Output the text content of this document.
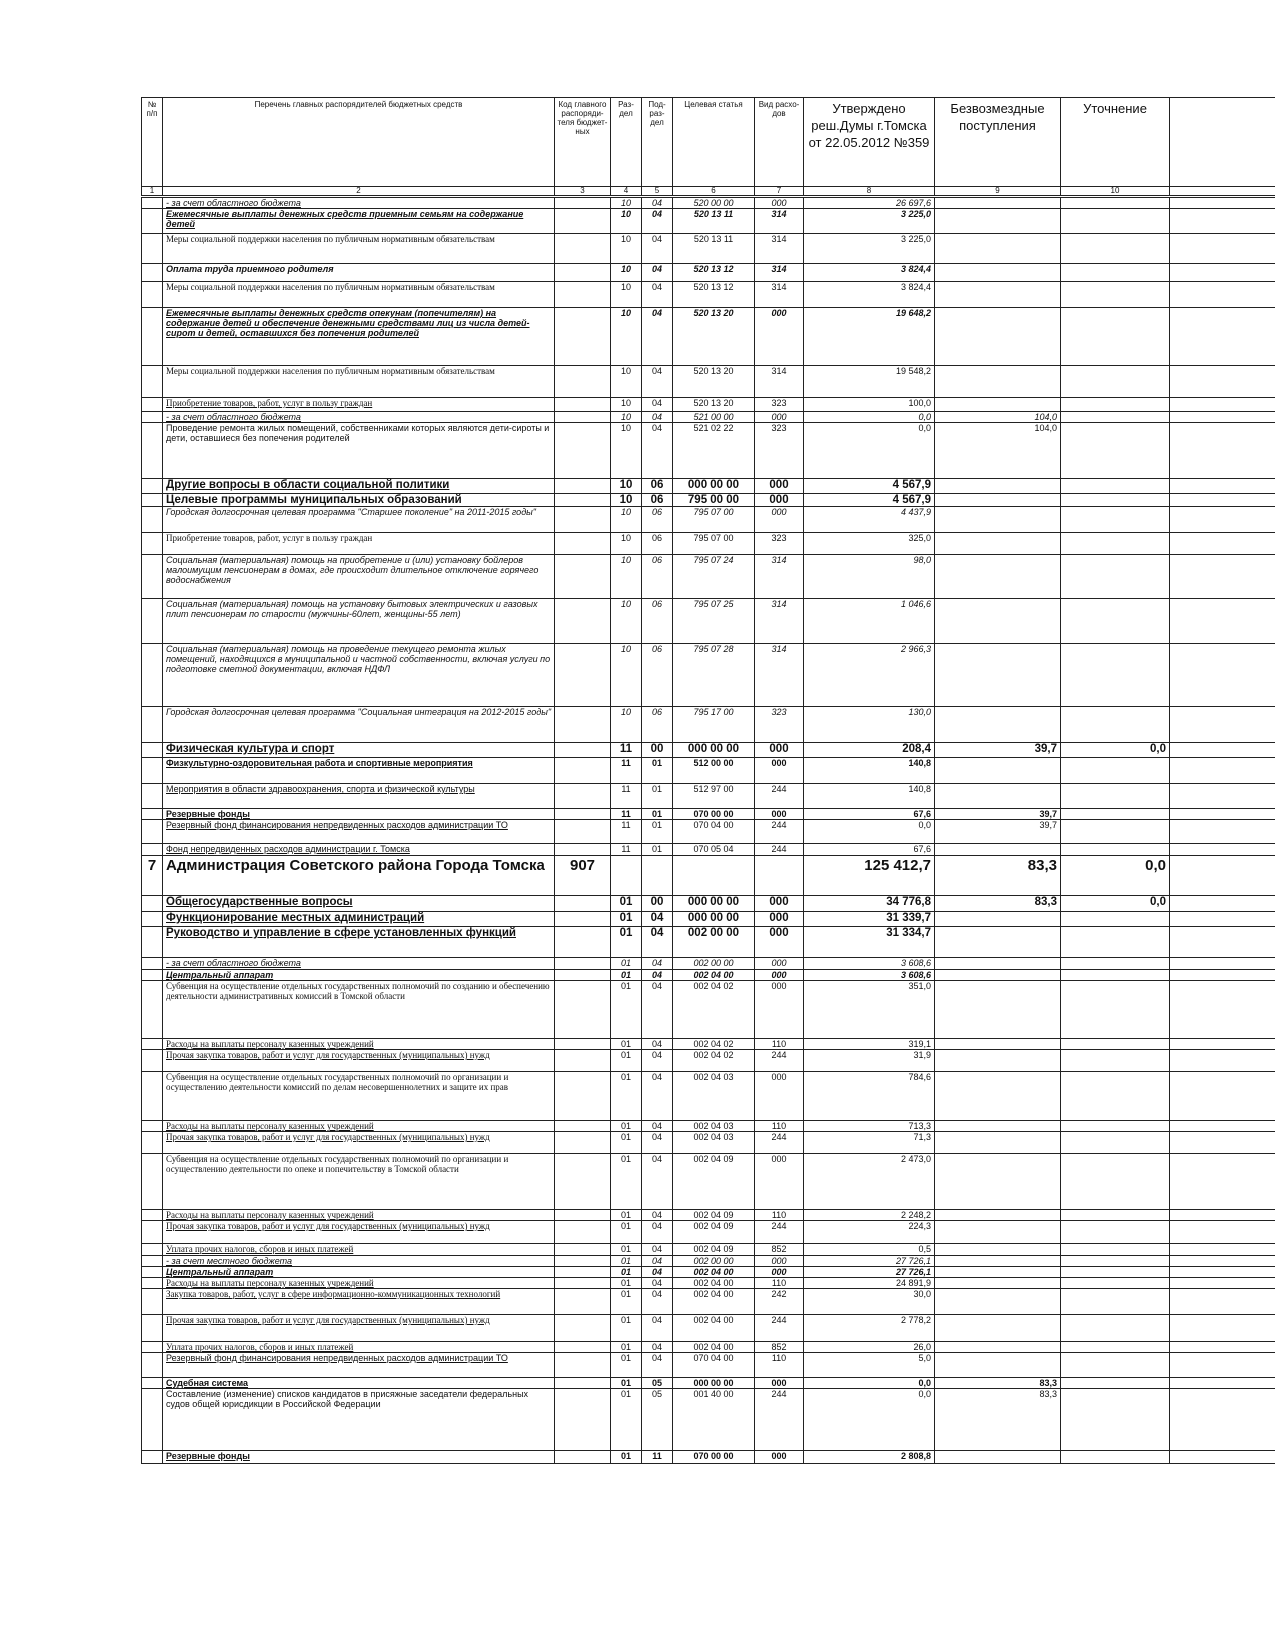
№ п/п	Перечень главных распорядителей бюджетных средств	Код главного распоряди-теля бюджет-ных	Раз-дел	Под-раз-дел	Целевая статья	Вид расхо-дов	Утверждено реш.Думы г.Томска от 22.05.2012 №359	Безвозмездные поступления	Уточнение	
1	2	3	4	5	6	7	8	9	10	
	- за счет областного бюджета		10	04	520 00 00	000	26 697,6			
	Ежемесячные выплаты денежных средств приемным семьям на содержание детей		10	04	520 13 11	314	3 225,0			
	Меры социальной поддержки населения по публичным нормативным обязательствам		10	04	520 13 11	314	3 225,0			
	Оплата труда приемного родителя		10	04	520 13 12	314	3 824,4			
	Меры социальной поддержки населения по публичным нормативным обязательствам		10	04	520 13 12	314	3 824,4			
	Ежемесячные выплаты денежных средств опекунам (попечителям) на содержание детей и обеспечение денежными средствами лиц из числа детей-сирот и детей, оставшихся без попечения родителей		10	04	520 13 20	000	19 648,2			
	Меры социальной поддержки населения по публичным нормативным обязательствам		10	04	520 13 20	314	19 548,2			
	Приобретение товаров, работ, услуг в пользу граждан		10	04	520 13 20	323	100,0			
	- за счет областного бюджета		10	04	521 00 00	000	0,0	104,0		
	Проведение ремонта жилых помещений, собственниками которых являются дети-сироты и дети, оставшиеся без попечения родителей		10	04	521 02 22	323	0,0	104,0		
	Другие вопросы в области социальной политики		10	06	000 00 00	000	4 567,9			
	Целевые программы муниципальных образований		10	06	795 00 00	000	4 567,9			
	Городская долгосрочная целевая программа "Старшее поколение" на 2011-2015 годы"		10	06	795 07 00	000	4 437,9			
	Приобретение товаров, работ, услуг в пользу граждан		10	06	795 07 00	323	325,0			
	Социальная (материальная) помощь на приобретение и (или) установку бойлеров малоимущим пенсионерам в домах, где происходит длительное отключение горячего водоснабжения		10	06	795 07 24	314	98,0			
	Социальная (материальная) помощь на установку бытовых электрических и газовых плит пенсионерам по старости (мужчины-60лет, женщины-55 лет)		10	06	795 07 25	314	1 046,6			
	Социальная (материальная) помощь на проведение текущего ремонта жилых помещений, находящихся в муниципальной и частной собственности, включая услуги по подготовке сметной документации, включая НДФЛ		10	06	795 07 28	314	2 966,3			
	Городская долгосрочная целевая программа "Социальная интеграция на 2012-2015 годы"		10	06	795 17 00	323	130,0			
	Физическая культура и спорт		11	00	000 00 00	000	208,4	39,7	0,0	
	Физкультурно-оздоровительная работа и спортивные мероприятия		11	01	512 00 00	000	140,8			
	Мероприятия в области здравоохранения, спорта и физической культуры		11	01	512 97 00	244	140,8			
	Резервные фонды		11	01	070 00 00	000	67,6	39,7		
	Резервный фонд финансирования непредвиденных расходов администрации ТО		11	01	070 04 00	244	0,0	39,7		
	Фонд непредвиденных расходов администрации г. Томска		11	01	070 05 04	244	67,6			
7	Администрация Советского района Города Томска	907					125 412,7	83,3	0,0	
	Общегосударственные вопросы		01	00	000 00 00	000	34 776,8	83,3	0,0	
	Функционирование местных администраций		01	04	000 00 00	000	31 339,7			
	Руководство и управление в сфере установленных функций		01	04	002 00 00	000	31 334,7			
	- за счет областного бюджета		01	04	002 00 00	000	3 608,6			
	Центральный аппарат		01	04	002 04 00	000	3 608,6			
	Субвенция на осуществление отдельных государственных полномочий по созданию и обеспечению деятельности административных комиссий в Томской области		01	04	002 04 02	000	351,0			
	Расходы на выплаты персоналу казенных учреждений		01	04	002 04 02	110	319,1			
	Прочая закупка товаров, работ и услуг для государственных (муниципальных) нужд		01	04	002 04 02	244	31,9			
	Субвенция на осуществление отдельных государственных полномочий по организации и осуществлению деятельности комиссий по делам несовершеннолетних и защите их прав		01	04	002 04 03	000	784,6			
	Расходы на выплаты персоналу казенных учреждений		01	04	002 04 03	110	713,3			
	Прочая закупка товаров, работ и услуг для государственных (муниципальных) нужд		01	04	002 04 03	244	71,3			
	Субвенция на осуществление отдельных государственных полномочий по организации и осуществлению деятельности по опеке и попечительству в Томской области		01	04	002 04 09	000	2 473,0			
	Расходы на выплаты персоналу казенных учреждений		01	04	002 04 09	110	2 248,2			
	Прочая закупка товаров, работ и услуг для государственных (муниципальных) нужд		01	04	002 04 09	244	224,3			
	Уплата прочих налогов, сборов и иных платежей		01	04	002 04 09	852	0,5			
	- за счет местного бюджета		01	04	002 00 00	000	27 726,1			
	Центральный аппарат		01	04	002 04 00	000	27 726,1			
	Расходы на выплаты персоналу казенных учреждений		01	04	002 04 00	110	24 891,9			
	Закупка товаров, работ, услуг в сфере информационно-коммуникационных технологий		01	04	002 04 00	242	30,0			
	Прочая закупка товаров, работ и услуг для государственных (муниципальных) нужд		01	04	002 04 00	244	2 778,2			
	Уплата прочих налогов, сборов и иных платежей		01	04	002 04 00	852	26,0			
	Резервный фонд финансирования непредвиденных расходов администрации ТО		01	04	070 04 00	110	5,0			
	Судебная система		01	05	000 00 00	000	0,0	83,3		
	Составление (изменение) списков кандидатов в присяжные заседатели федеральных судов общей юрисдикции в Российской Федерации		01	05	001 40 00	244	0,0	83,3		
	Резервные фонды		01	11	070 00 00	000	2 808,8			
